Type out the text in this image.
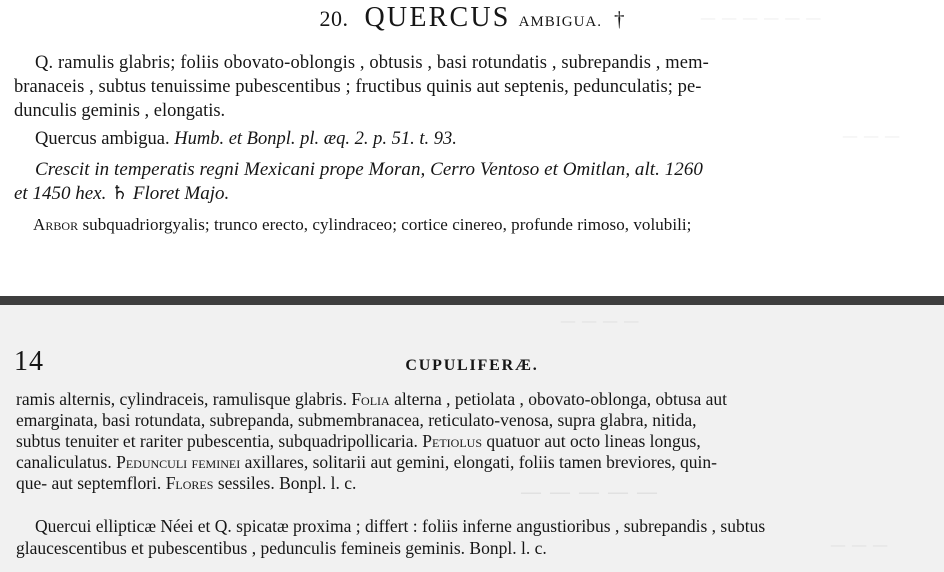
— — — — — —
— — —
20. QUERCUS AMBIGUA. †
Q. ramulis glabris; foliis obovato-oblongis , obtusis , basi rotundatis , subrepandis , mem-
branaceis , subtus tenuissime pubescentibus ; fructibus quinis aut septenis, pedunculatis; pe-
dunculis geminis , elongatis.
Quercus ambigua. Humb. et Bonpl. pl. æq. 2. p. 51. t. 93.
Crescit in temperatis regni Mexicani prope Moran, Cerro Ventoso et Omitlan, alt. 1260
et 1450 hex. ♄ Floret Majo.
Arbor subquadriorgyalis; trunco erecto, cylindraceo; cortice cinereo, profunde rimoso, volubili;
— — — —
— — — — —
— — —
14	CUPULIFERÆ.
ramis alternis, cylindraceis, ramulisque glabris. Folia alterna , petiolata , obovato-oblonga, obtusa aut
emarginata, basi rotundata, subrepanda, submembranacea, reticulato-venosa, supra glabra, nitida,
subtus tenuiter et rariter pubescentia, subquadripollicaria. Petiolus quatuor aut octo lineas longus,
canaliculatus. Pedunculi feminei axillares, solitarii aut gemini, elongati, foliis tamen breviores, quin-
que- aut septemflori. Flores sessiles. Bonpl. l. c.
Quercui ellipticæ Néei et Q. spicatæ proxima ; differt : foliis inferne angustioribus , subrepandis , subtus
glaucescentibus et pubescentibus , pedunculis femineis geminis. Bonpl. l. c.
